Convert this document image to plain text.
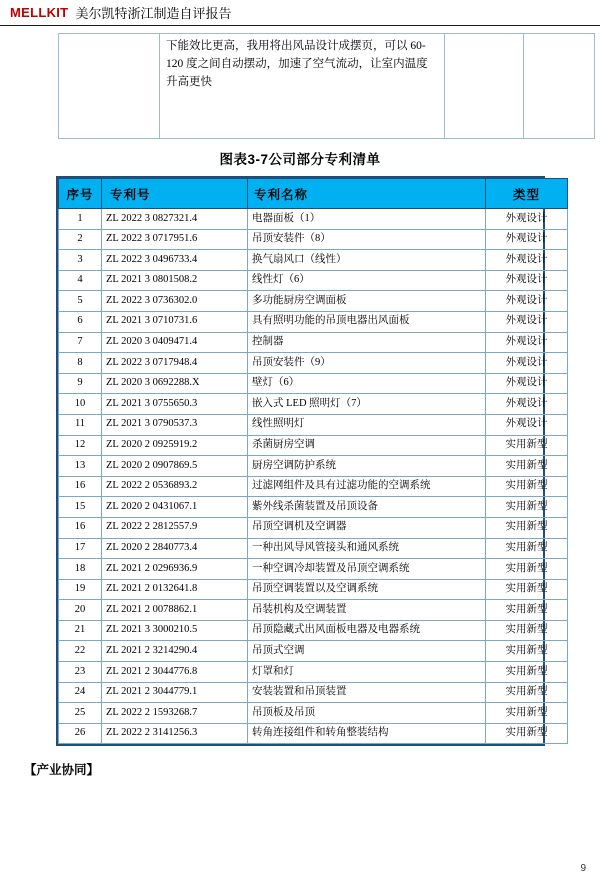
MELLKIT 美尔凯特浙江制造自评报告
	下能效比更高，我用将出风品设计成摆页，可以 60-120 度之间自动摆动，加速了空气流动，让室内温度升高更快		
图表3-7公司部分专利清单
序号	专利号	专利名称	类型
1	ZL 2022 3 0827321.4	电器面板（1）	外观设计
2	ZL 2022 3 0717951.6	吊顶安装件（8）	外观设计
3	ZL 2022 3 0496733.4	换气扇风口（线性）	外观设计
4	ZL 2021 3 0801508.2	线性灯（6）	外观设计
5	ZL 2022 3 0736302.0	多功能厨房空调面板	外观设计
6	ZL 2021 3 0710731.6	具有照明功能的吊顶电器出风面板	外观设计
7	ZL 2020 3 0409471.4	控制器	外观设计
8	ZL 2022 3 0717948.4	吊顶安装件（9）	外观设计
9	ZL 2020 3 0692288.X	壁灯（6）	外观设计
10	ZL 2021 3 0755650.3	嵌入式 LED 照明灯（7）	外观设计
11	ZL 2021 3 0790537.3	线性照明灯	外观设计
12	ZL 2020 2 0925919.2	杀菌厨房空调	实用新型
13	ZL 2020 2 0907869.5	厨房空调防护系统	实用新型
16	ZL 2022 2 0536893.2	过滤网组件及具有过滤功能的空调系统	实用新型
15	ZL 2020 2 0431067.1	紫外线杀菌装置及吊顶设备	实用新型
16	ZL 2022 2 2812557.9	吊顶空调机及空调器	实用新型
17	ZL 2020 2 2840773.4	一种出风导风管接头和通风系统	实用新型
18	ZL 2021 2 0296936.9	一种空调冷却装置及吊顶空调系统	实用新型
19	ZL 2021 2 0132641.8	吊顶空调装置以及空调系统	实用新型
20	ZL 2021 2 0078862.1	吊装机构及空调装置	实用新型
21	ZL 2021 3 3000210.5	吊顶隐藏式出风面板电器及电器系统	实用新型
22	ZL 2021 2 3214290.4	吊顶式空调	实用新型
23	ZL 2021 2 3044776.8	灯罩和灯	实用新型
24	ZL 2021 2 3044779.1	安装装置和吊顶装置	实用新型
25	ZL 2022 2 1593268.7	吊顶板及吊顶	实用新型
26	ZL 2022 2 3141256.3	转角连接组件和转角整装结构	实用新型
【产业协同】
9
